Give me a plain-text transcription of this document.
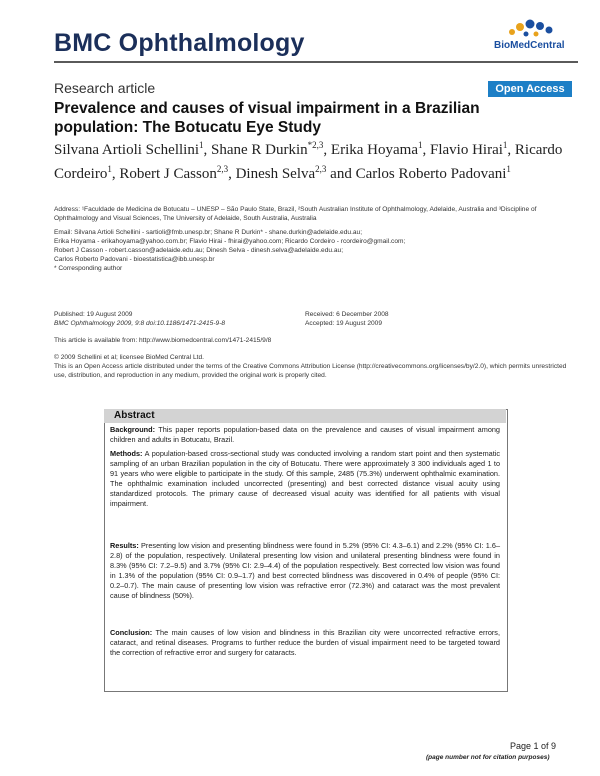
BMC Ophthalmology	BioMedCentral
Research article	Open Access
Prevalence and causes of visual impairment in a Brazilian population: The Botucatu Eye Study
Silvana Artioli Schellini$^1$, Shane R Durkin$^{*2,3}$, Erika Hoyama$^1$, Flavio Hirai$^1$, Ricardo Cordeiro$^1$, Robert J Casson$^{2,3}$, Dinesh Selva$^{2,3}$ and Carlos Roberto Padovani$^1$
Address: ¹Faculdade de Medicina de Botucatu – UNESP – São Paulo State, Brazil, ²South Australian Institute of Ophthalmology, Adelaide, Australia and ³Discipline of Ophthalmology and Visual Sciences, The University of Adelaide, South Australia, Australia
Email: Silvana Artioli Schellini - sartioli@fmb.unesp.br; Shane R Durkin* - shane.durkin@adelaide.edu.au;
Erika Hoyama - erikahoyama@yahoo.com.br; Flavio Hirai - fhirai@yahoo.com; Ricardo Cordeiro - rcordeiro@gmail.com;
Robert J Casson - robert.casson@adelaide.edu.au; Dinesh Selva - dinesh.selva@adelaide.edu.au;
Carlos Roberto Padovani - bioestatistica@ibb.unesp.br
* Corresponding author
Published: 19 August 2009
BMC Ophthalmology 2009, 9:8 doi:10.1186/1471-2415-9-8
Received: 6 December 2008
Accepted: 19 August 2009
This article is available from: http://www.biomedcentral.com/1471-2415/9/8
© 2009 Schellini et al; licensee BioMed Central Ltd.
This is an Open Access article distributed under the terms of the Creative Commons Attribution License (http://creativecommons.org/licenses/by/2.0), which permits unrestricted use, distribution, and reproduction in any medium, provided the original work is properly cited.
Abstract
Background: This paper reports population-based data on the prevalence and causes of visual impairment among children and adults in Botucatu, Brazil.
Methods: A population-based cross-sectional study was conducted involving a random start point and then systematic sampling of an urban Brazilian population in the city of Botucatu. There were approximately 3 300 individuals aged 1 to 91 years who were eligible to participate in the study. Of this sample, 2485 (75.3%) underwent ophthalmic examination. The ophthalmic examination included uncorrected (presenting) and best corrected distance visual acuity using standardized protocols. The primary cause of decreased visual acuity was identified for all patients with visual impairment.
Results: Presenting low vision and presenting blindness were found in 5.2% (95% CI: 4.3–6.1) and 2.2% (95% CI: 1.6–2.8) of the population, respectively. Unilateral presenting low vision and unilateral presenting blindness were found in 8.3% (95% CI: 7.2–9.5) and 3.7% (95% CI: 2.9–4.4) of the population respectively. Best corrected low vision was found in 1.3% of the population (95% CI: 0.9–1.7) and best corrected blindness was discovered in 0.4% of people (95% CI: 0.2–0.7). The main cause of presenting low vision was refractive error (72.3%) and cataract was the most prevalent cause of blindness (50%).
Conclusion: The main causes of low vision and blindness in this Brazilian city were uncorrected refractive errors, cataract, and retinal diseases. Programs to further reduce the burden of visual impairment need to be targeted toward the correction of refractive error and surgery for cataracts.
Page 1 of 9
(page number not for citation purposes)
